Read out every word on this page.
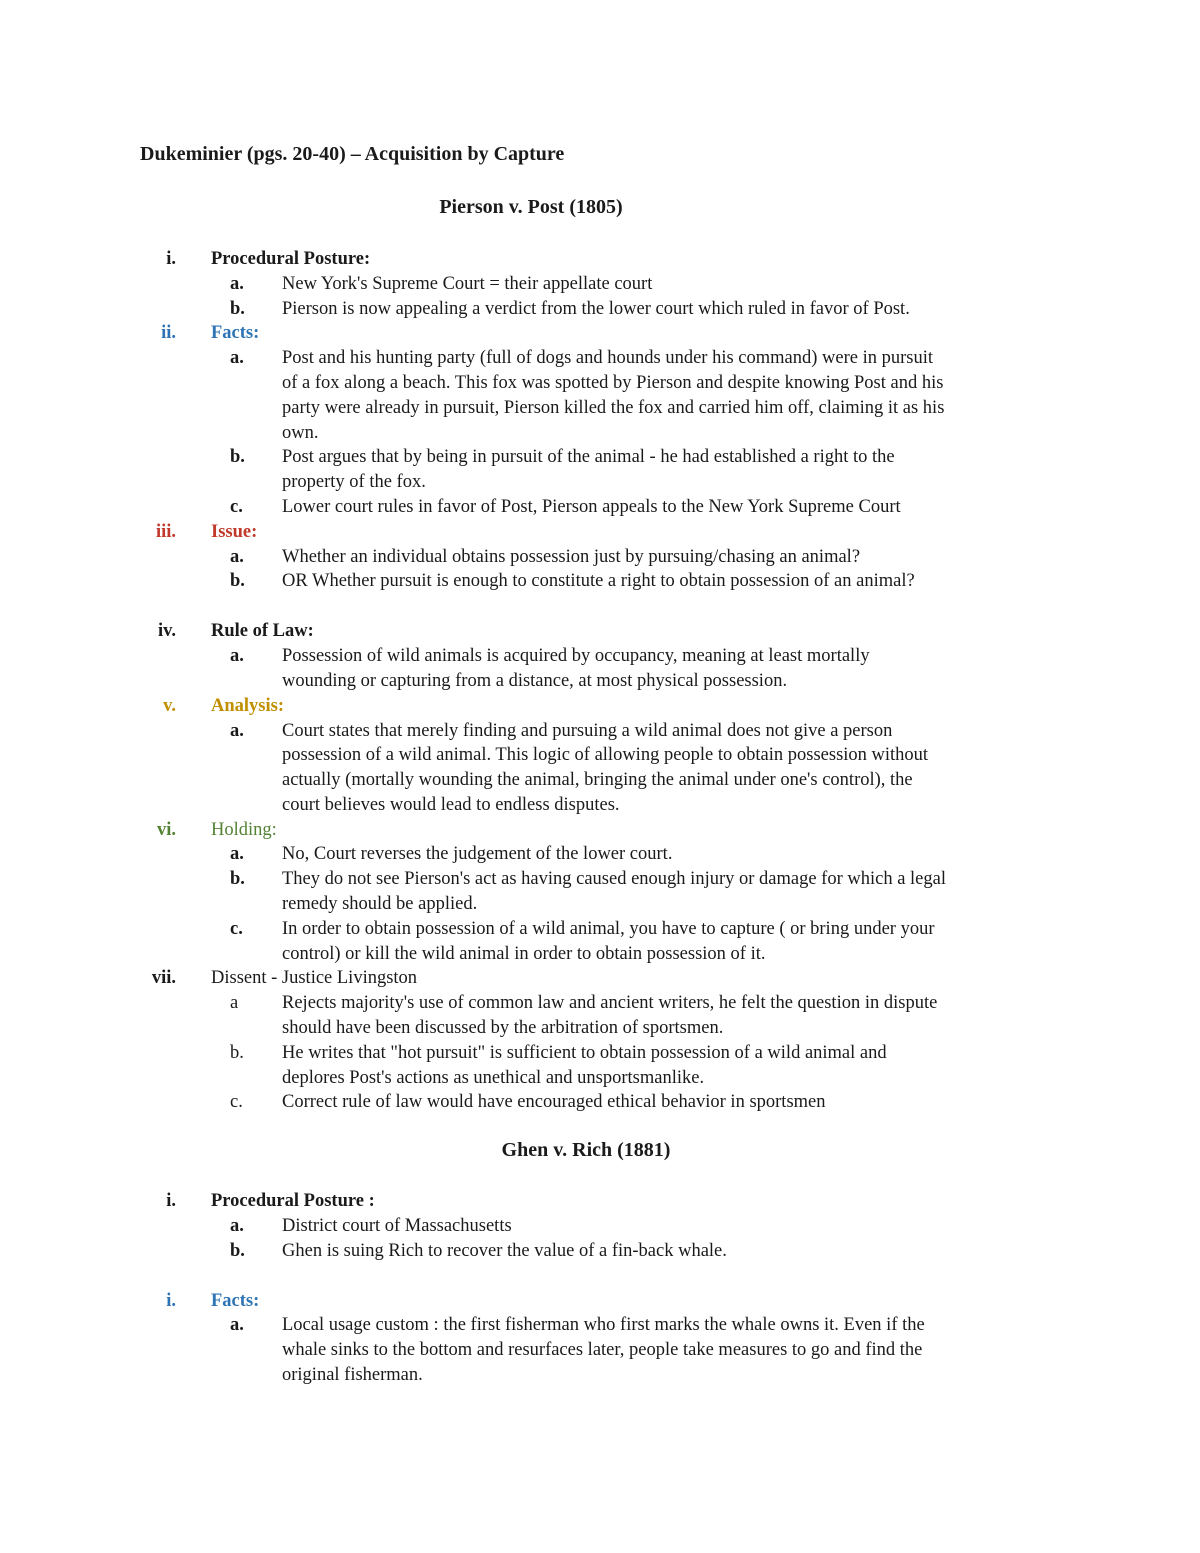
Dukeminier (pgs. 20-40) – Acquisition by Capture
Pierson v. Post (1805)
i. Procedural Posture:
a. New York's Supreme Court = their appellate court
b. Pierson is now appealing a verdict from the lower court which ruled in favor of Post.
ii. Facts:
a. Post and his hunting party (full of dogs and hounds under his command) were in pursuit
of a fox along a beach. This fox was spotted by Pierson and despite knowing Post and his
party were already in pursuit, Pierson killed the fox and carried him off, claiming it as his
own.
b. Post argues that by being in pursuit of the animal - he had established a right to the
property of the fox.
c. Lower court rules in favor of Post, Pierson appeals to the New York Supreme Court
iii. Issue:
a. Whether an individual obtains possession just by pursuing/chasing an animal?
b. OR Whether pursuit is enough to constitute a right to obtain possession of an animal?
iv. Rule of Law:
a. Possession of wild animals is acquired by occupancy, meaning at least mortally
wounding or capturing from a distance, at most physical possession.
v. Analysis:
a. Court states that merely finding and pursuing a wild animal does not give a person
possession of a wild animal. This logic of allowing people to obtain possession without
actually (mortally wounding the animal, bringing the animal under one's control), the
court believes would lead to endless disputes.
vi. Holding:
a. No, Court reverses the judgement of the lower court.
b. They do not see Pierson's act as having caused enough injury or damage for which a legal
remedy should be applied.
c. In order to obtain possession of a wild animal, you have to capture ( or bring under your
control) or kill the wild animal in order to obtain possession of it.
vii. Dissent - Justice Livingston
a	Rejects majority's use of common law and ancient writers, he felt the question in dispute
should have been discussed by the arbitration of sportsmen.
b. He writes that "hot pursuit" is sufficient to obtain possession of a wild animal and
deplores Post's actions as unethical and unsportsmanlike.
c. Correct rule of law would have encouraged ethical behavior in sportsmen
Ghen v. Rich (1881)
i. Procedural Posture :
a. District court of Massachusetts
b. Ghen is suing Rich to recover the value of a fin-back whale.
i. Facts:
a. Local usage custom : the first fisherman who first marks the whale owns it. Even if the
whale sinks to the bottom and resurfaces later, people take measures to go and find the
original fisherman.
